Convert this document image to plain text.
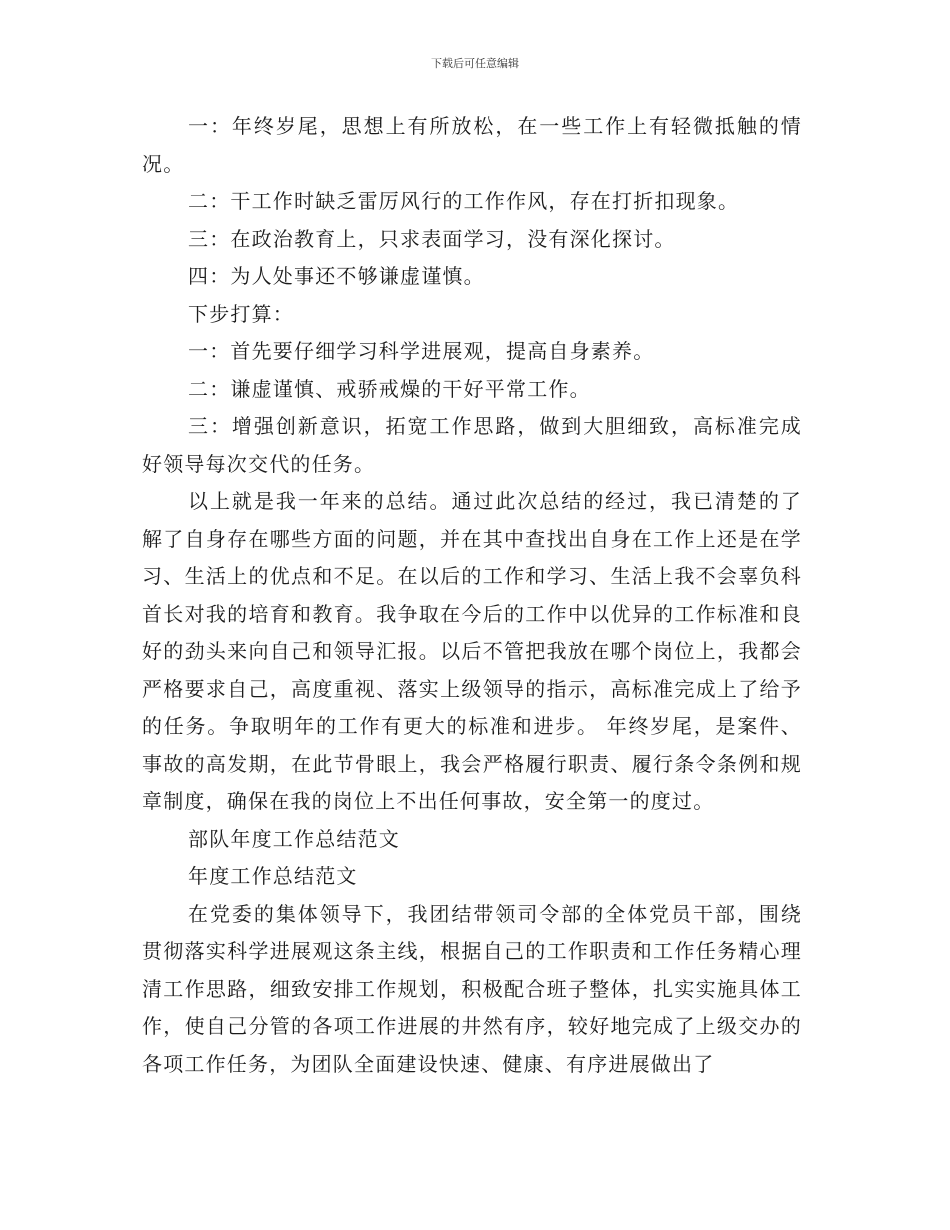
下载后可任意编辑

一：年终岁尾，思想上有所放松，在一些工作上有轻微抵触的情况。

二：干工作时缺乏雷厉风行的工作作风，存在打折扣现象。

三：在政治教育上，只求表面学习，没有深化探讨。

四：为人处事还不够谦虚谨慎。

下步打算：

一：首先要仔细学习科学进展观，提高自身素养。

二：谦虚谨慎、戒骄戒燥的干好平常工作。

三：增强创新意识，拓宽工作思路，做到大胆细致，高标准完成好领导每次交代的任务。

以上就是我一年来的总结。通过此次总结的经过，我已清楚的了解了自身存在哪些方面的问题，并在其中查找出自身在工作上还是在学习、生活上的优点和不足。在以后的工作和学习、生活上我不会辜负科首长对我的培育和教育。我争取在今后的工作中以优异的工作标准和良好的劲头来向自己和领导汇报。以后不管把我放在哪个岗位上，我都会严格要求自己，高度重视、落实上级领导的指示，高标准完成上了给予的任务。争取明年的工作有更大的标准和进步。 年终岁尾，是案件、事故的高发期，在此节骨眼上，我会严格履行职责、履行条令条例和规章制度，确保在我的岗位上不出任何事故，安全第一的度过。

部队年度工作总结范文

年度工作总结范文

在党委的集体领导下，我团结带领司令部的全体党员干部，围绕贯彻落实科学进展观这条主线，根据自己的工作职责和工作任务精心理清工作思路，细致安排工作规划，积极配合班子整体，扎实实施具体工作，使自己分管的各项工作进展的井然有序，较好地完成了上级交办的各项工作任务，为团队全面建设快速、健康、有序进展做出了
